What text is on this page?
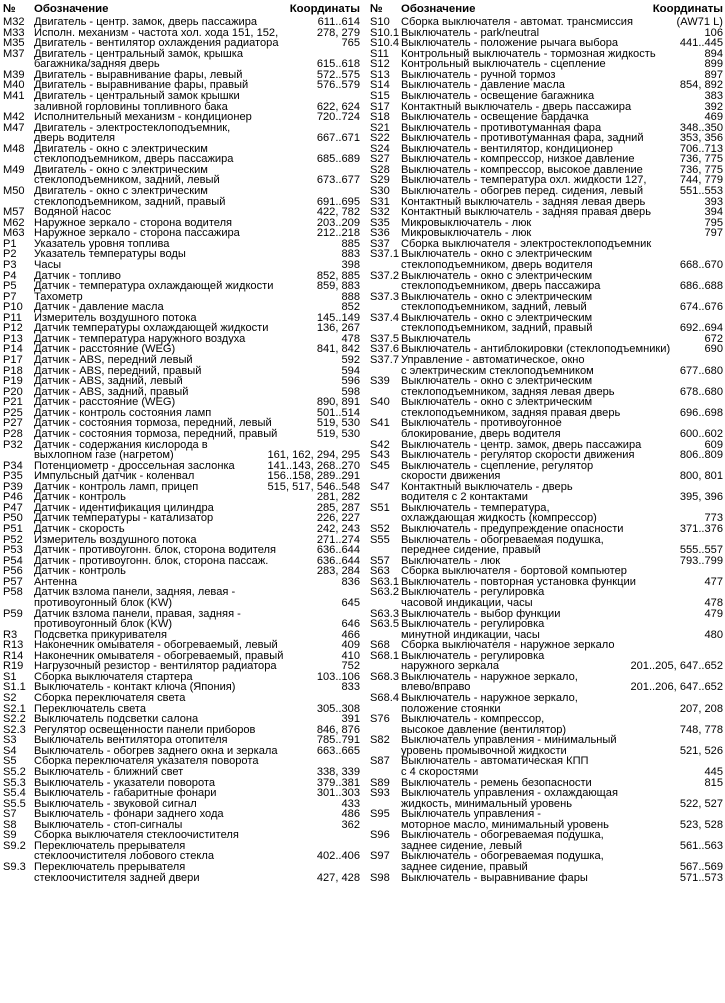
№ Обозначение	Координаты
M32 Двигатель - центр. замок, дверь пассажира	611..614
M33 Исполн. механизм - частота хол. хода 151, 152,	278, 279
M35 Двигатель - вентилятор охлаждения радиатора	765
M37 Двигатель - центральный замок, крышка
багажника/задняя дверь	615..618
M39 Двигатель - выравнивание фары, левый	572..575
M40 Двигатель - выравнивание фары, правый	576..579
M41 Двигатель - центральный замок крышки
заливной горловины топливного бака	622, 624
M42 Исполнительный механизм - кондиционер	720..724
M47 Двигатель - электростеклоподъемник,
дверь водителя	667..671
M48 Двигатель - окно с электрическим
стеклоподъемником, дверь пассажира	685..689
M49 Двигатель - окно с электрическим
стеклоподъемником, задний, левый	673..677
M50 Двигатель - окно с электрическим
стеклоподъемником, задний, правый	691..695
M57 Водяной насос	422, 782
M62 Наружное зеркало - сторона водителя	203..209
M63 Наружное зеркало - сторона пассажира	212..218
P1 Указатель уровня топлива	885
P2 Указатель температуры воды	883
P3 Часы	398
P4 Датчик - топливо	852, 885
P5 Датчик - температура охлаждающей жидкости	859, 883
P7 Тахометр	888
P10 Датчик - давление масла	852
P11 Измеритель воздушного потока	145..149
P12 Датчик температуры охлаждающей жидкости	136, 267
P13 Датчик - температура наружного воздуха	478
P14 Датчик - расстояние (WEG)	841, 842
P17 Датчик - ABS, передний левый	592
P18 Датчик - ABS, передний, правый	594
P19 Датчик - ABS, задний, левый	596
P20 Датчик - ABS, задний, правый	598
P21 Датчик - расстояние (WEG)	890, 891
P25 Датчик - контроль состояния ламп	501..514
P27 Датчик - состояния тормоза, передний, левый	519, 530
P28 Датчик - состояния тормоза, передний, правый	519, 530
P32 Датчик - содержания кислорода в
выхлопном газе (нагретом)	161, 162, 294, 295
P34 Потенциометр - дроссельная заслонка	141..143, 268..270
P35 Импульсный датчик - коленвал	156..158, 289..291
P39 Датчик - контроль ламп, прицеп	515, 517, 546..548
P46 Датчик - контроль	281, 282
P47 Датчик - идентификация цилиндра	285, 287
P50 Датчик температуры - катализатор	226, 227
P51 Датчик - скорость	242, 243
P52 Измеритель воздушного потока	271..274
P53 Датчик - противоугонн. блок, сторона водителя	636..644
P54 Датчик - противоугонн. блок, сторона пассаж.	636..644
P56 Датчик - контроль	283, 284
P57 Антенна	836
P58 Датчик взлома панели, задняя, левая -
противоугонный блок (KW)	645
P59 Датчик взлома панели, правая, задняя -
противоугонный блок (KW)	646
R3 Подсветка прикуривателя	466
R13 Наконечник омывателя - обогреваемый, левый	409
R14 Наконечник омывателя - обогреваемый, правый	410
R19 Нагрузочный резистор - вентилятор радиатора	752
S1 Сборка выключателя стартера	103..106
S1.1 Выключатель - контакт ключа (Япония)	833
S2 Сборка переключателя света
S2.1 Переключатель света	305..308
S2.2 Выключатель подсветки салона	391
S2.3 Регулятор освещенности панели приборов	846, 876
S3 Выключатель вентилятора отопителя	785..791
S4 Выключатель - обогрев заднего окна и зеркала	663..665
S5 Сборка переключателя указателя поворота
S5.2 Выключатель - ближний свет	338, 339
S5.3 Выключатель - указатели поворота	379..381
S5.4 Выключатель - габаритные фонари	301..303
S5.5 Выключатель - звуковой сигнал	433
S7 Выключатель - фонари заднего хода	486
S8 Выключатель - стоп-сигналы	362
S9 Сборка выключателя стеклоочистителя
S9.2 Переключатель прерывателя
стеклоочистителя лобового стекла	402..406
S9.3 Переключатель прерывателя
стеклоочистителя задней двери	427, 428
№ Обозначение	Координаты
S10 Сборка выключателя - автомат. трансмиссия	(AW71 L)
S10.1 Выключатель - park/neutral	106
S10.4 Выключатель - положение рычага выбора	441..445
S11 Контрольный выключатель - тормозная жидкость	894
S12 Контрольный выключатель - сцепление	899
S13 Выключатель - ручной тормоз	897
S14 Выключатель - давление масла	854, 892
S15 Выключатель - освещение багажника	383
S17 Контактный выключатель - дверь пассажира	392
S18 Выключатель - освещение бардачка	469
S21 Выключатель - противотуманная фара	348..350
S22 Выключатель - противотуманная фара, задний	353, 356
S24 Выключатель - вентилятор, кондиционер	706..713
S27 Выключатель - компрессор, низкое давление	736, 775
S28 Выключатель - компрессор, высокое давление	736, 775
S29 Выключатель - температура охл. жидкости 127,	744, 779
S30 Выключатель - обогрев перед. сидения, левый	551..553
S31 Контактный выключатель - задняя левая дверь	393
S32 Контактный выключатель - задняя правая дверь	394
S35 Микровыключатель - люк	795
S36 Микровыключатель - люк	797
S37 Сборка выключателя - электростеклоподъемник
S37.1 Выключатель - окно с электрическим
стеклоподъемником, дверь водителя	668..670
S37.2 Выключатель - окно с электрическим
стеклоподъемником, дверь пассажира	686..688
S37.3 Выключатель - окно с электрическим
стеклоподъемником, задний, левый	674..676
S37.4 Выключатель - окно с электрическим
стеклоподъемником, задний, правый	692..694
S37.5 Выключатель	672
S37.6 Выключатель - антиблокировки (стеклоподъемники)	690
S37.7 Управление - автоматическое, окно
с электрическим стеклоподъемником	677..680
S39 Выключатель - окно с электрическим
стеклоподъемником, задняя левая дверь	678..680
S40 Выключатель - окно с электрическим
стеклоподъемником, задняя правая дверь	696..698
S41 Выключатель - противоугонное
блокирование, дверь водителя	600..602
S42 Выключатель - центр. замок, дверь пассажира	609
S43 Выключатель - регулятор скорости движения	806..809
S45 Выключатель - сцепление, регулятор
скорости движения	800, 801
S47 Контактный выключатель - дверь
водителя с 2 контактами	395, 396
S51 Выключатель - температура,
охлаждающая жидкость (компрессор)	773
S52 Выключатель - предупреждение опасности	371..376
S55 Выключатель - обогреваемая подушка,
переднее сидение, правый	555..557
S57 Выключатель - люк	793..799
S63 Сборка выключателя - бортовой компьютер
S63.1 Выключатель - повторная установка функции	477
S63.2 Выключатель - регулировка
часовой индикации, часы	478
S63.3 Выключатель - выбор функции	479
S63.5 Выключатель - регулировка
минутной индикации, часы	480
S68 Сборка выключателя - наружное зеркало
S68.1 Выключатель - регулировка
наружного зеркала	201..205, 647..652
S68.3 Выключатель - наружное зеркало,
влево/вправо	201..206, 647..652
S68.4 Выключатель - наружное зеркало,
положение стоянки	207, 208
S76 Выключатель - компрессор,
высокое давление (вентилятор)	748, 778
S82 Выключатель управления - минимальный
уровень промывочной жидкости	521, 526
S87 Выключатель - автоматическая КПП
с 4 скоростями	445
S89 Выключатель - ремень безопасности	815
S93 Выключатель управления - охлаждающая
жидкость, минимальный уровень	522, 527
S95 Выключатель управления -
моторное масло, минимальный уровень	523, 528
S96 Выключатель - обогреваемая подушка,
заднее сидение, левый	561..563
S97 Выключатель - обогреваемая подушка,
заднее сидение, правый	567..569
S98 Выключатель - выравнивание фары	571..573
